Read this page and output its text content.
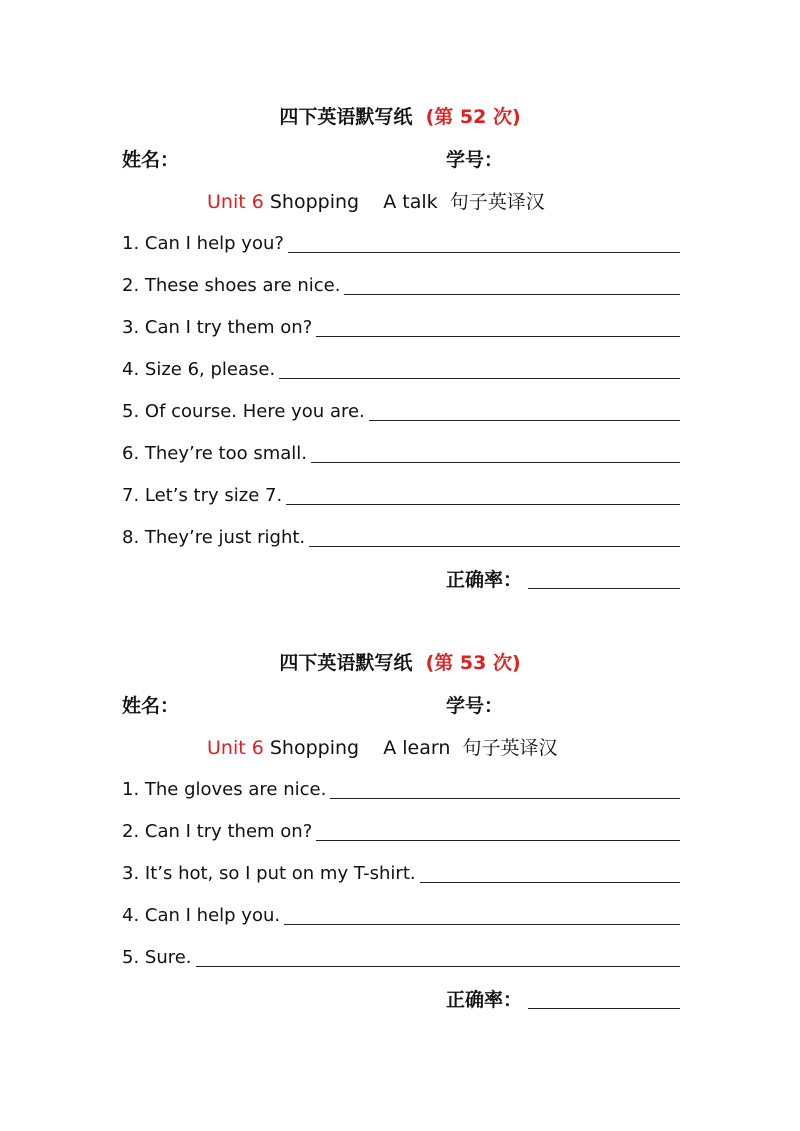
四下英语默写纸 (第 52 次)
姓名：	学号：
Unit 6 Shopping    A talk  句子英译汉
1. Can I help you?
2. These shoes are nice.
3. Can I try them on?
4. Size 6, please.
5. Of course. Here you are.
6. They’re too small.
7. Let’s try size 7.
8. They’re just right.
正确率：
四下英语默写纸 (第 53 次)
姓名：	学号：
Unit 6 Shopping    A learn  句子英译汉
1. The gloves are nice.
2. Can I try them on?
3. It’s hot, so I put on my T-shirt.
4. Can I help you.
5. Sure.
正确率：
